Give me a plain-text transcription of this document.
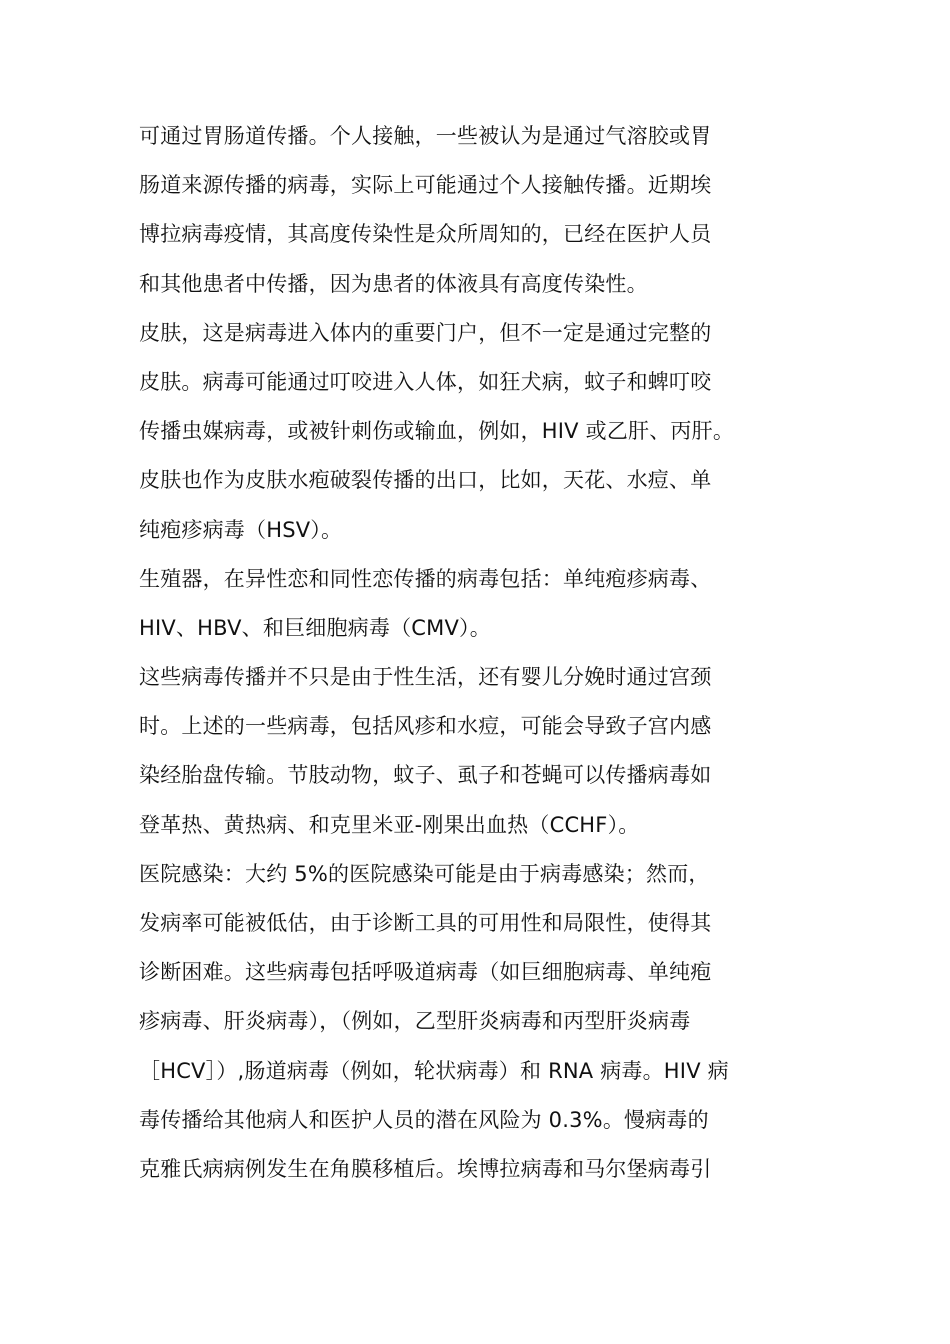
可通过胃肠道传播。个人接触，一些被认为是通过气溶胶或胃
肠道来源传播的病毒，实际上可能通过个人接触传播。近期埃
博拉病毒疫情，其高度传染性是众所周知的，已经在医护人员
和其他患者中传播，因为患者的体液具有高度传染性。
皮肤，这是病毒进入体内的重要门户，但不一定是通过完整的
皮肤。病毒可能通过叮咬进入人体，如狂犬病，蚊子和蜱叮咬
传播虫媒病毒，或被针刺伤或输血，例如，HIV 或乙肝、丙肝。
皮肤也作为皮肤水疱破裂传播的出口，比如，天花、水痘、单
纯疱疹病毒（HSV）。
生殖器，在异性恋和同性恋传播的病毒包括：单纯疱疹病毒、
HIV、HBV、和巨细胞病毒（CMV）。
这些病毒传播并不只是由于性生活，还有婴儿分娩时通过宫颈
时。上述的一些病毒，包括风疹和水痘，可能会导致子宫内感
染经胎盘传输。节肢动物，蚊子、虱子和苍蝇可以传播病毒如
登革热、黄热病、和克里米亚-刚果出血热（CCHF）。
医院感染：大约 5%的医院感染可能是由于病毒感染；然而，
发病率可能被低估，由于诊断工具的可用性和局限性，使得其
诊断困难。这些病毒包括呼吸道病毒（如巨细胞病毒、单纯疱
疹病毒、肝炎病毒），（例如，乙型肝炎病毒和丙型肝炎病毒
［HCV］）,肠道病毒（例如，轮状病毒）和 RNA 病毒。HIV 病
毒传播给其他病人和医护人员的潜在风险为 0.3%。慢病毒的
克雅氏病病例发生在角膜移植后。埃博拉病毒和马尔堡病毒引
